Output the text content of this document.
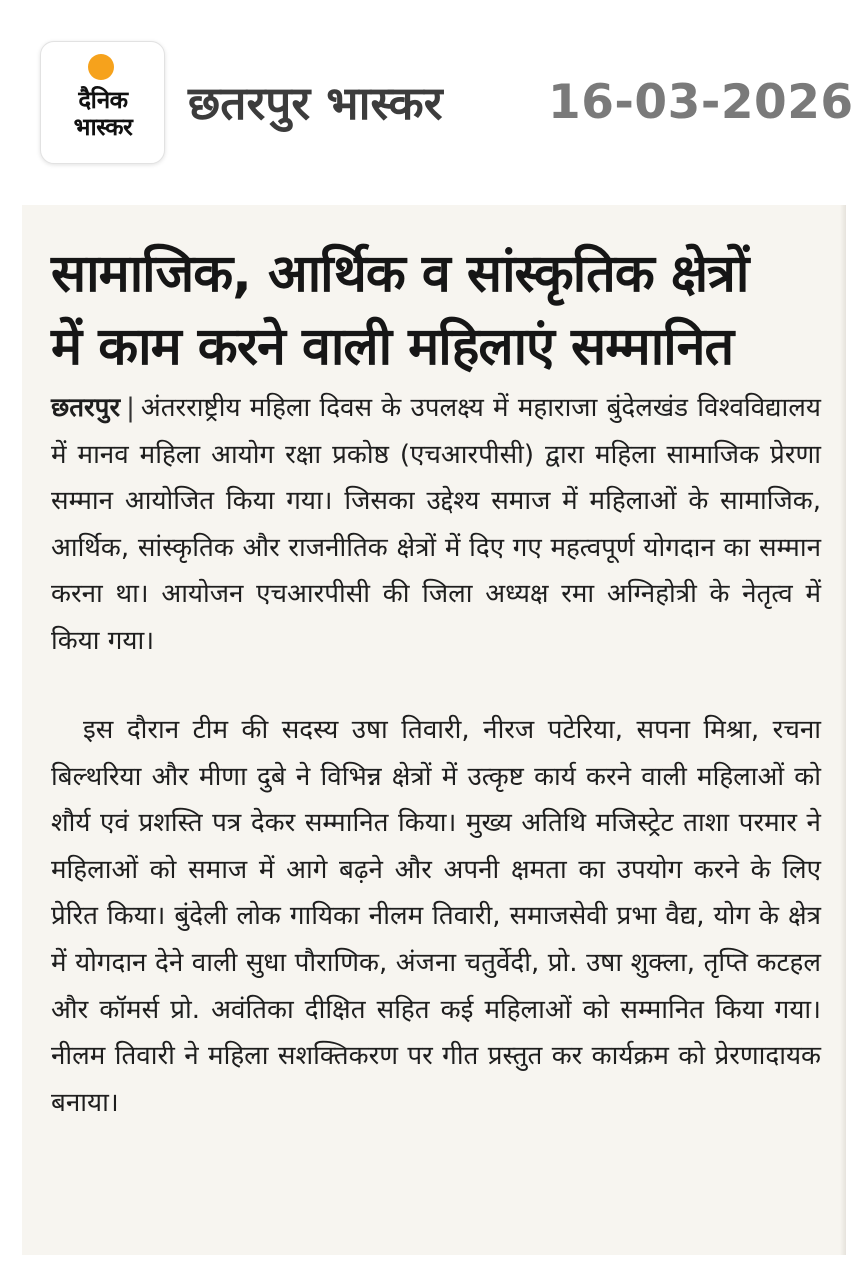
दैनिक
भास्कर	छतरपुर भास्कर 16-03-2026
सामाजिक, आर्थिक व सांस्कृतिक क्षेत्रों
में काम करने वाली महिलाएं सम्मानित
छतरपुर | अंतरराष्ट्रीय महिला दिवस के उपलक्ष्य में महाराजा बुंदेलखंड विश्वविद्यालय में मानव महिला आयोग रक्षा प्रकोष्ठ (एचआरपीसी) द्वारा महिला सामाजिक प्रेरणा सम्मान आयोजित किया गया। जिसका उद्देश्य समाज में महिलाओं के सामाजिक, आर्थिक, सांस्कृतिक और राजनीतिक क्षेत्रों में दिए गए महत्वपूर्ण योगदान का सम्मान करना था। आयोजन एचआरपीसी की जिला अध्यक्ष रमा अग्निहोत्री के नेतृत्व में किया गया।
इस दौरान टीम की सदस्य उषा तिवारी, नीरज पटेरिया, सपना मिश्रा, रचना बिल्थरिया और मीणा दुबे ने विभिन्न क्षेत्रों में उत्कृष्ट कार्य करने वाली महिलाओं को शौर्य एवं प्रशस्ति पत्र देकर सम्मानित किया। मुख्य अतिथि मजिस्ट्रेट ताशा परमार ने महिलाओं को समाज में आगे बढ़ने और अपनी क्षमता का उपयोग करने के लिए प्रेरित किया। बुंदेली लोक गायिका नीलम तिवारी, समाजसेवी प्रभा वैद्य, योग के क्षेत्र में योगदान देने वाली सुधा पौराणिक, अंजना चतुर्वेदी, प्रो. उषा शुक्ला, तृप्ति कटहल और कॉमर्स प्रो. अवंतिका दीक्षित सहित कई महिलाओं को सम्मानित किया गया। नीलम तिवारी ने महिला सशक्तिकरण पर गीत प्रस्तुत कर कार्यक्रम को प्रेरणादायक बनाया।
